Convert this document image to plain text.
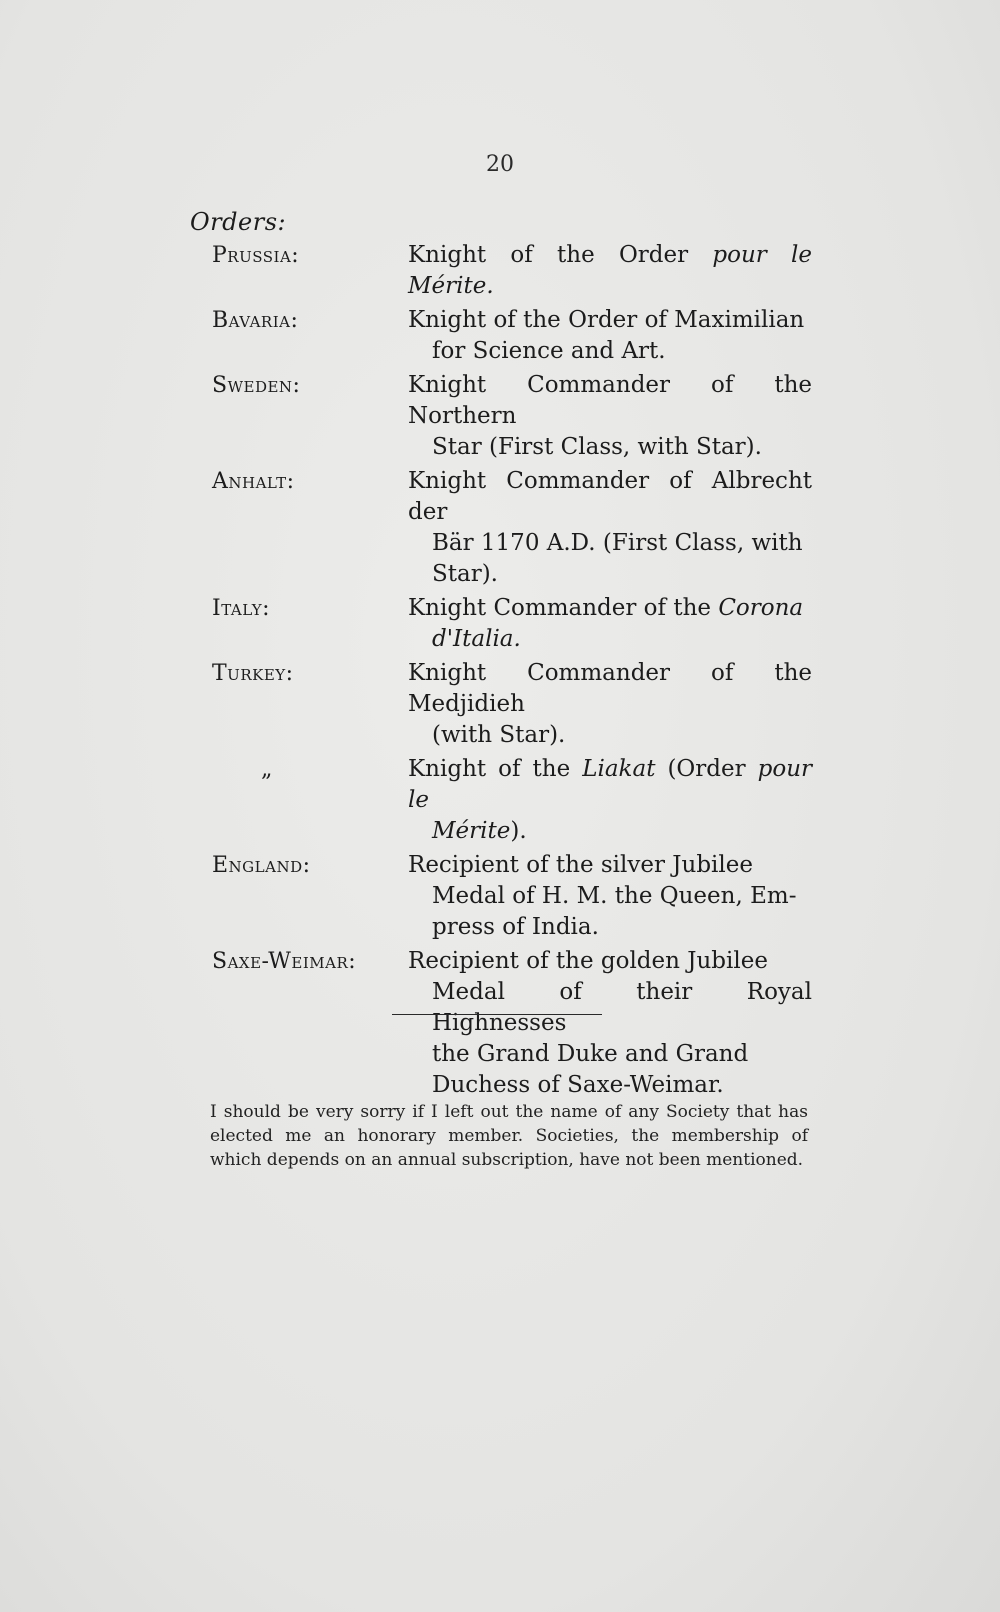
20
Orders:
Prussia:	Knight of the Order pour le Mérite.
Bavaria:	Knight of the Order of Maximilian
for Science and Art.
Sweden:	Knight Commander of the Northern
Star (First Class, with Star).
Anhalt:	Knight Commander of Albrecht der
Bär 1170 A.D. (First Class, with
Star).
Italy:	Knight Commander of the Corona
d'Italia.
Turkey:	Knight Commander of the Medjidieh
(with Star).
„	Knight of the Liakat (Order pour le
Mérite).
England:	Recipient of the silver Jubilee
Medal of H. M. the Queen, Em-
press of India.
Saxe-Weimar:	Recipient of the golden Jubilee
Medal of their Royal Highnesses
the Grand Duke and Grand
Duchess of Saxe-Weimar.
I should be very sorry if I left out the name of any Society that has elected me an honorary member. Societies, the membership of which depends on an annual subscription, have not been mentioned.
